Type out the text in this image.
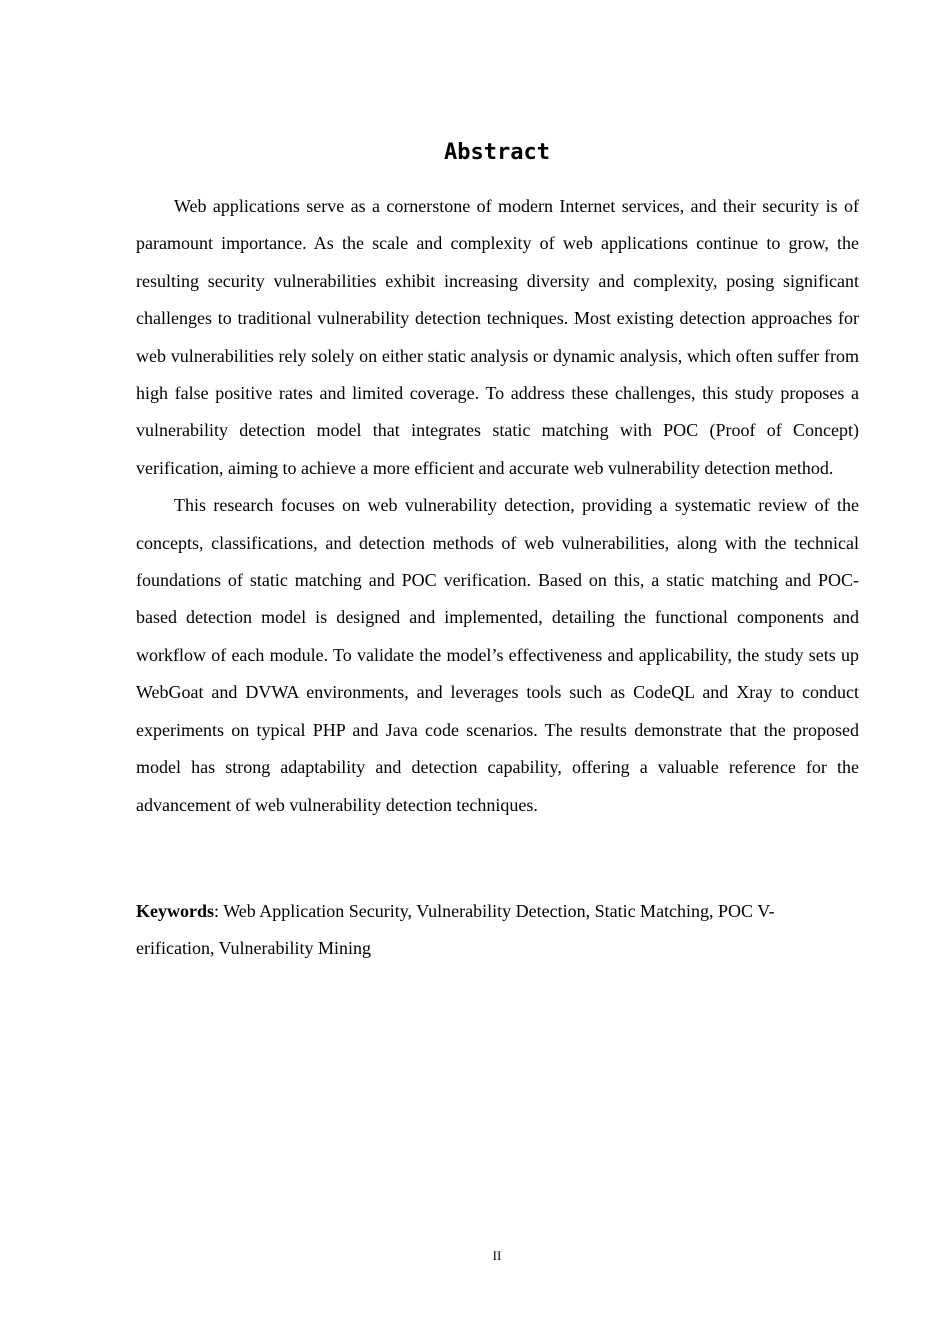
Abstract

Web applications serve as a cornerstone of modern Internet services, and their security is of paramount importance. As the scale and complexity of web applications continue to grow, the resulting security vulnerabilities exhibit increasing diversity and complexity, posing significant challenges to traditional vulnerability detection techniques. Most existing detection approaches for web vulnerabilities rely solely on either static analysis or dynamic analysis, which often suffer from high false positive rates and limited coverage. To address these challenges, this study proposes a vulnerability detection model that integrates static matching with POC (Proof of Concept) verification, aiming to achieve a more efficient and accurate web vulnerability detection method.

This research focuses on web vulnerability detection, providing a systematic review of the concepts, classifications, and detection methods of web vulnerabilities, along with the technical foundations of static matching and POC verification. Based on this, a static matching and POC-based detection model is designed and implemented, detailing the functional components and workflow of each module. To validate the model’s effectiveness and applicability, the study sets up WebGoat and DVWA environments, and leverages tools such as CodeQL and Xray to conduct experiments on typical PHP and Java code scenarios. The results demonstrate that the proposed model has strong adaptability and detection capability, offering a valuable reference for the advancement of web vulnerability detection techniques.

Keywords: Web Application Security, Vulnerability Detection, Static Matching, POC V-
erification, Vulnerability Mining
II
